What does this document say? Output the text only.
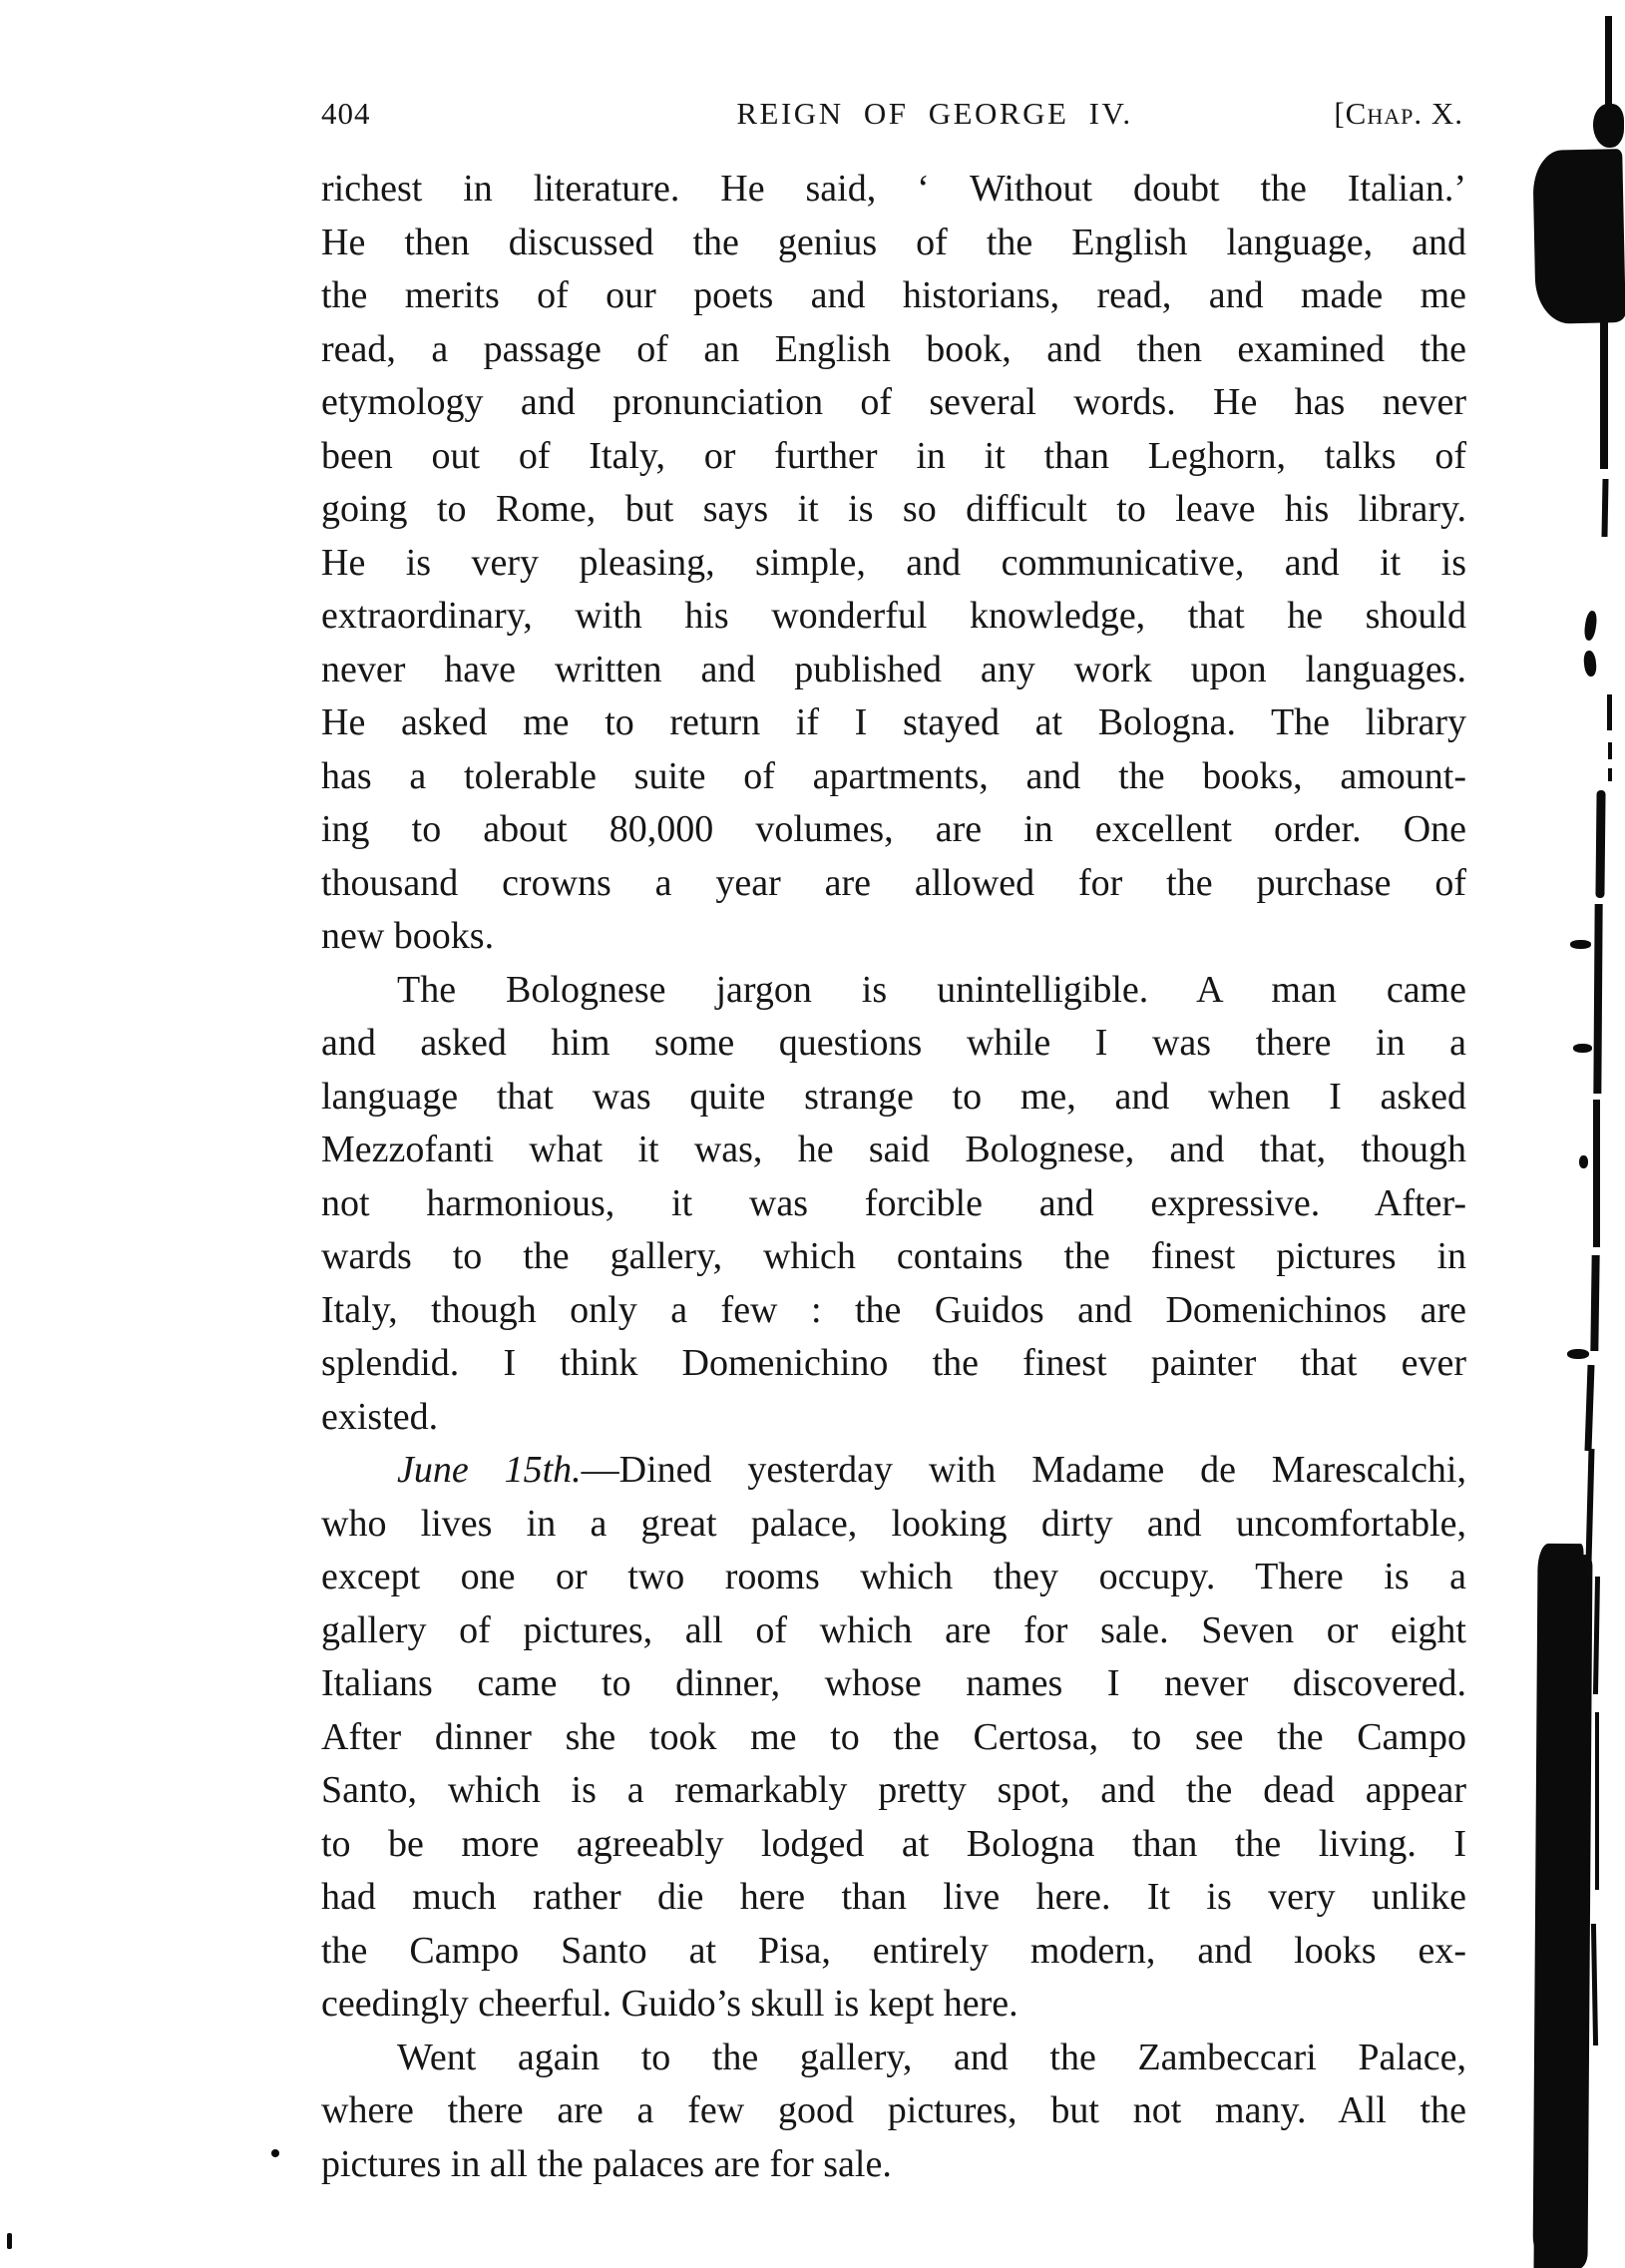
404	REIGN OF GEORGE IV.	[Chap. X.
richest in literature. He said, ‘ Without doubt the Italian.’
He then discussed the genius of the English language, and
the merits of our poets and historians, read, and made me
read, a passage of an English book, and then examined the
etymology and pronunciation of several words. He has never
been out of Italy, or further in it than Leghorn, talks of
going to Rome, but says it is so difficult to leave his library.
He is very pleasing, simple, and communicative, and it is
extraordinary, with his wonderful knowledge, that he should
never have written and published any work upon languages.
He asked me to return if I stayed at Bologna. The library
has a tolerable suite of apartments, and the books, amount-
ing to about 80,000 volumes, are in excellent order. One
thousand crowns a year are allowed for the purchase of
new books.
The Bolognese jargon is unintelligible. A man came
and asked him some questions while I was there in a
language that was quite strange to me, and when I asked
Mezzofanti what it was, he said Bolognese, and that, though
not harmonious, it was forcible and expressive. After-
wards to the gallery, which contains the finest pictures in
Italy, though only a few : the Guidos and Domenichinos are
splendid. I think Domenichino the finest painter that ever
existed.
June 15th.—Dined yesterday with Madame de Marescalchi,
who lives in a great palace, looking dirty and uncomfortable,
except one or two rooms which they occupy. There is a
gallery of pictures, all of which are for sale. Seven or eight
Italians came to dinner, whose names I never discovered.
After dinner she took me to the Certosa, to see the Campo
Santo, which is a remarkably pretty spot, and the dead appear
to be more agreeably lodged at Bologna than the living. I
had much rather die here than live here. It is very unlike
the Campo Santo at Pisa, entirely modern, and looks ex-
ceedingly cheerful. Guido’s skull is kept here.
Went again to the gallery, and the Zambeccari Palace,
where there are a few good pictures, but not many. All the
pictures in all the palaces are for sale.
